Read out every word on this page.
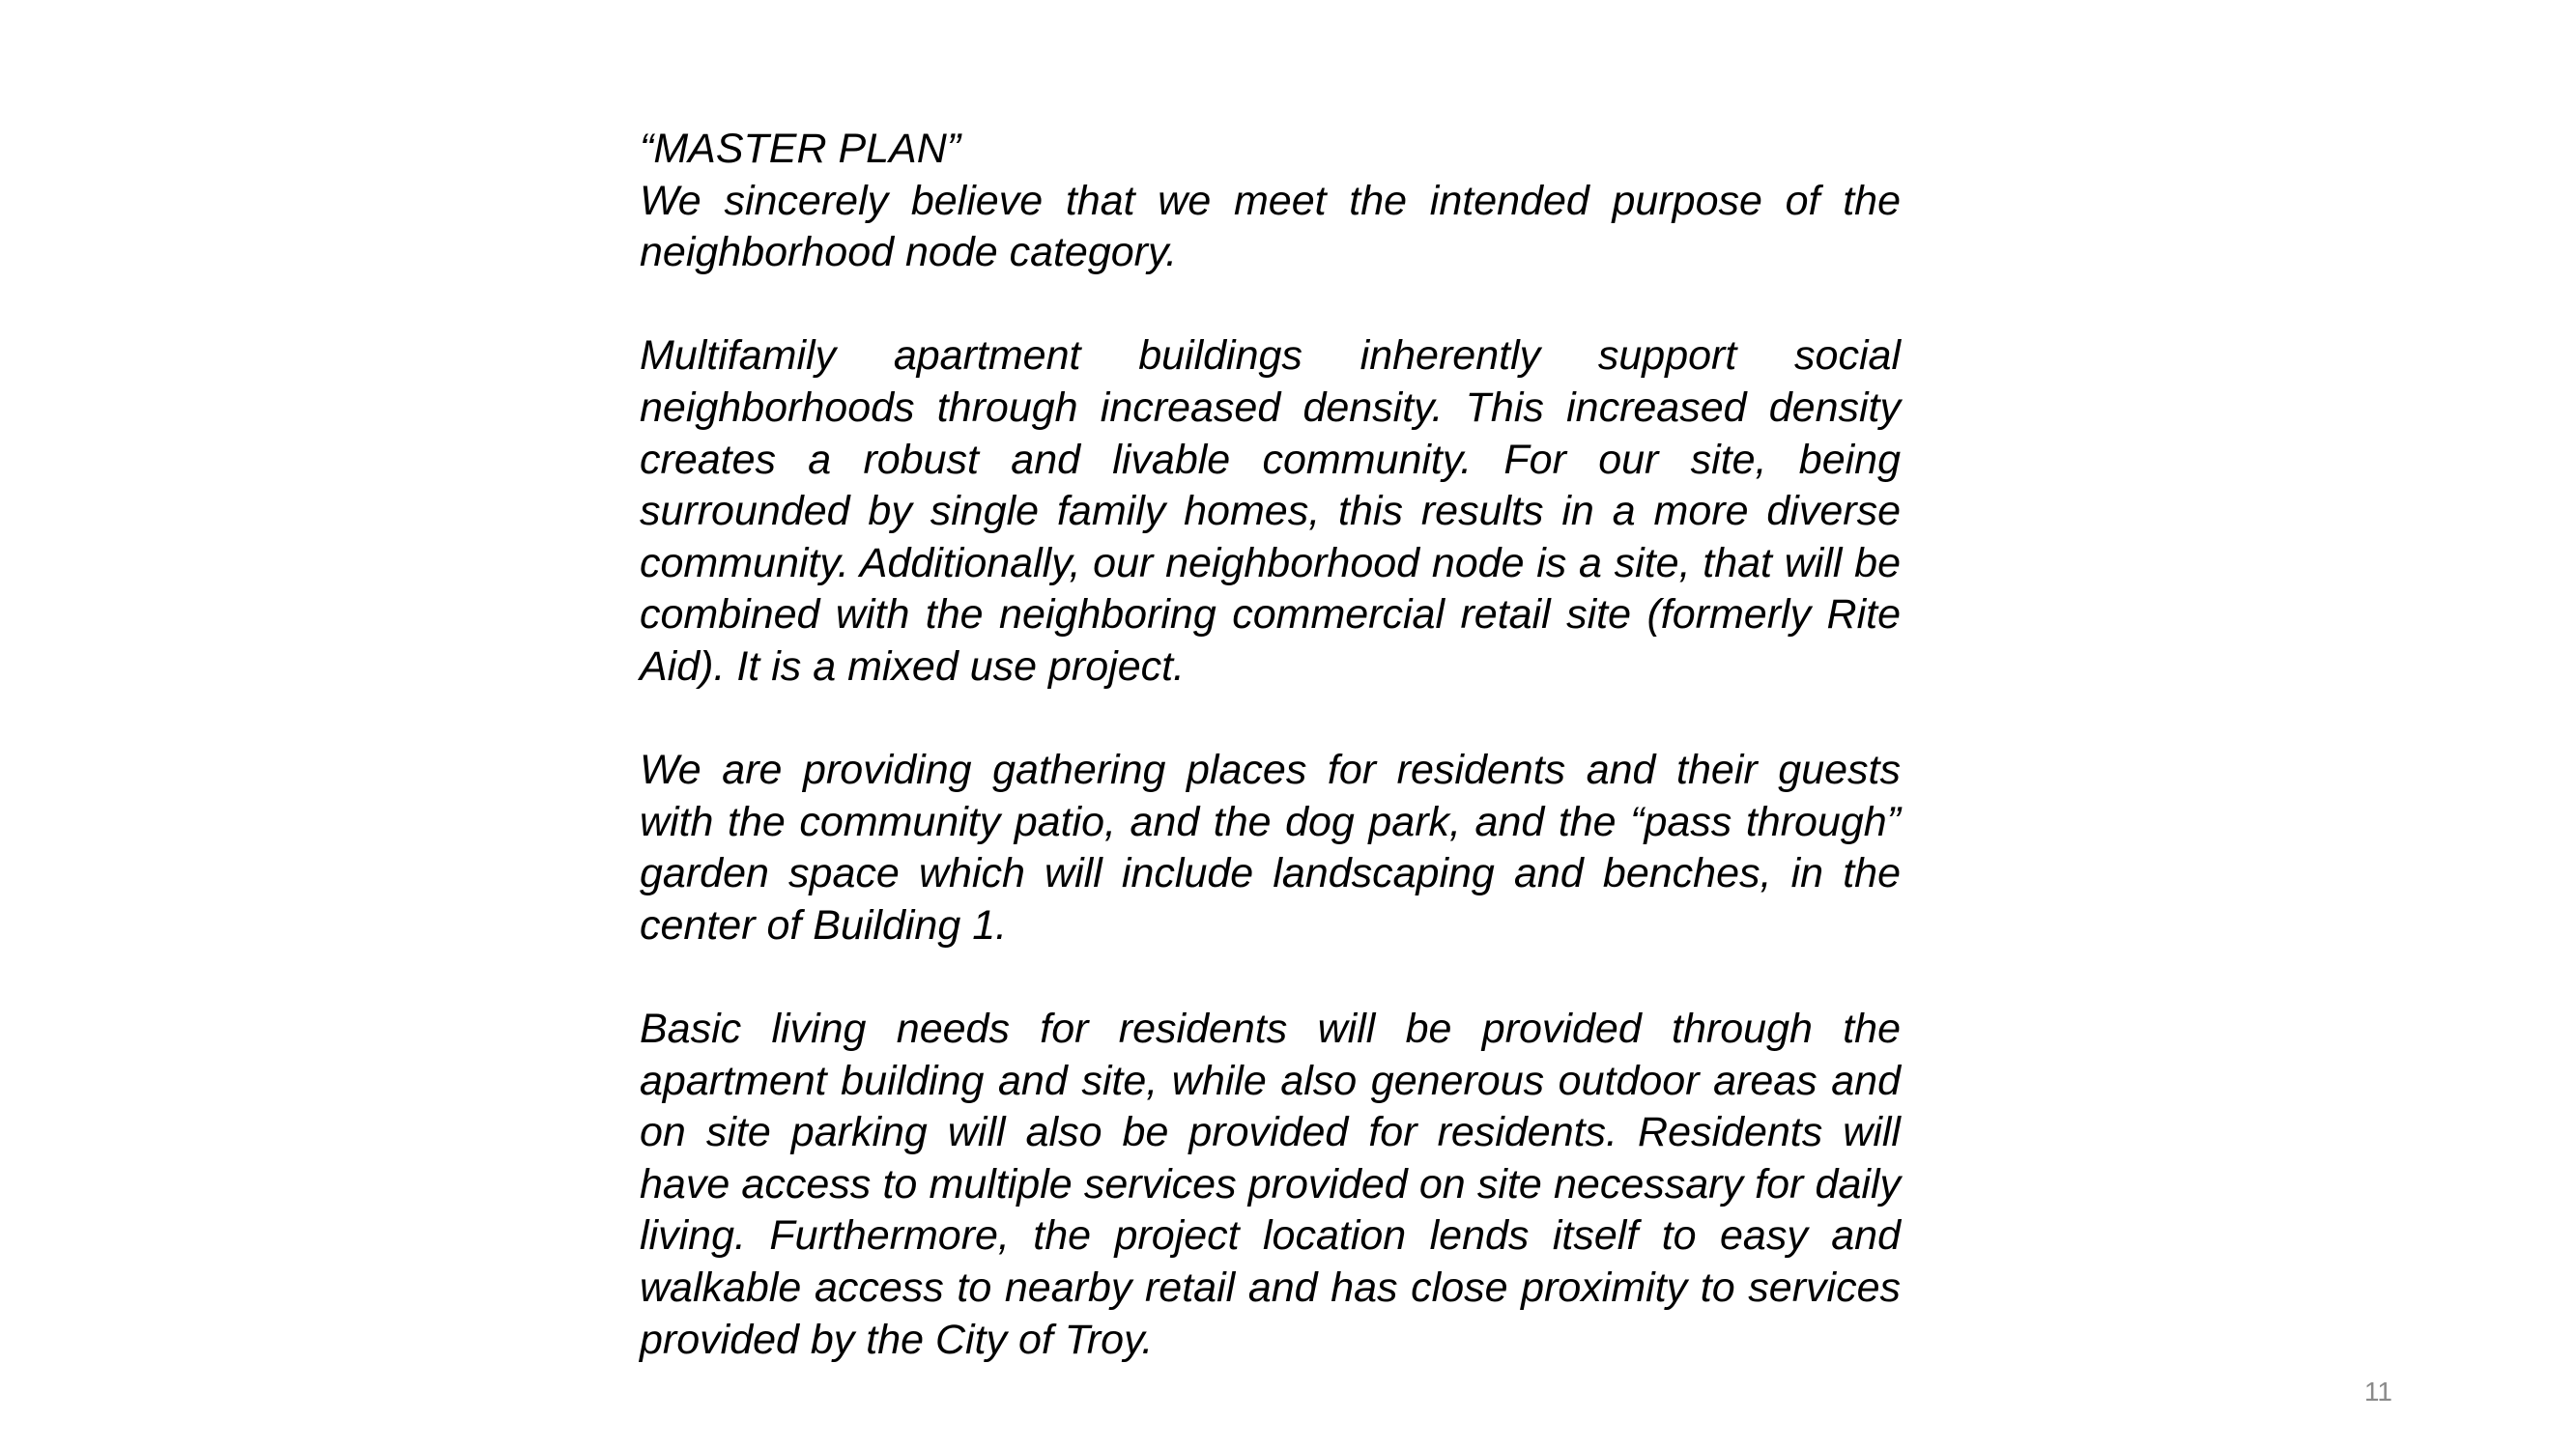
“MASTER PLAN”

We sincerely believe that we meet the intended purpose of the neighborhood node category.

Multifamily apartment buildings inherently support social neighborhoods through increased density. This increased density creates a robust and livable community. For our site, being surrounded by single family homes, this results in a more diverse community. Additionally, our neighborhood node is a site, that will be combined with the neighboring commercial retail site (formerly Rite Aid). It is a mixed use project.

We are providing gathering places for residents and their guests with the community patio, and the dog park, and the “pass through” garden space which will include landscaping and benches, in the center of Building 1.

Basic living needs for residents will be provided through the apartment building and site, while also generous outdoor areas and on site parking will also be provided for residents. Residents will have access to multiple services provided on site necessary for daily living. Furthermore, the project location lends itself to easy and walkable access to nearby retail and has close proximity to services provided by the City of Troy.

11
